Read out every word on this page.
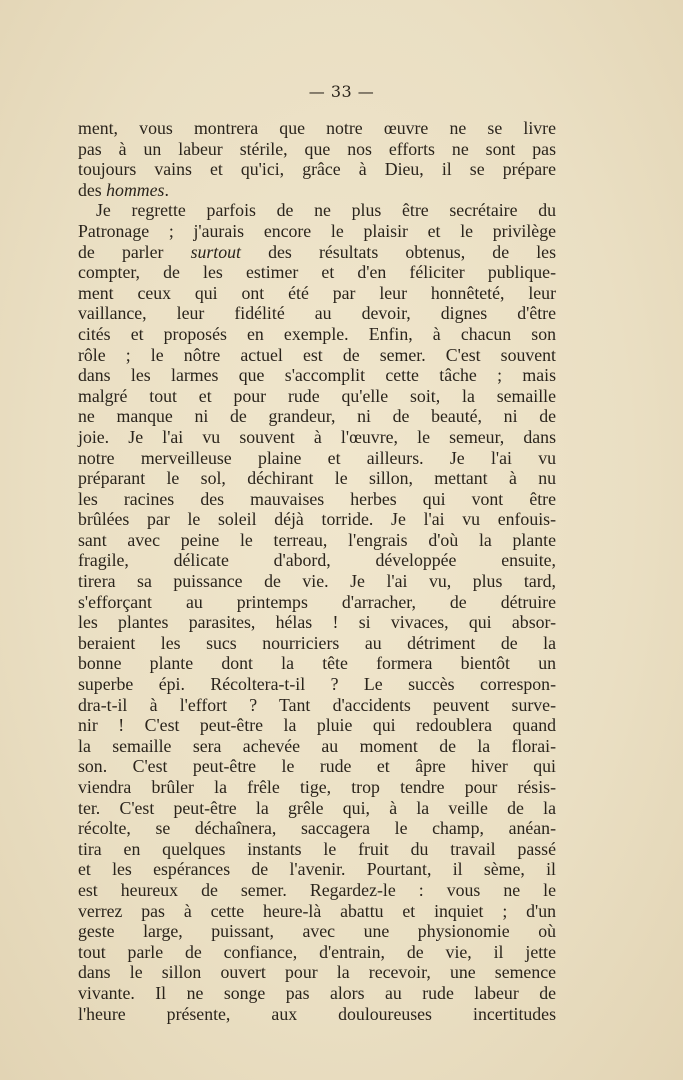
— 33 —
ment, vous montrera que notre œuvre ne se livre
pas à un labeur stérile, que nos efforts ne sont pas
toujours vains et qu'ici, grâce à Dieu, il se prépare
des hommes.
Je regrette parfois de ne plus être secrétaire du
Patronage ; j'aurais encore le plaisir et le privilège
de parler surtout des résultats obtenus, de les
compter, de les estimer et d'en féliciter publique-
ment ceux qui ont été par leur honnêteté, leur
vaillance, leur fidélité au devoir, dignes d'être
cités et proposés en exemple. Enfin, à chacun son
rôle ; le nôtre actuel est de semer. C'est souvent
dans les larmes que s'accomplit cette tâche ; mais
malgré tout et pour rude qu'elle soit, la semaille
ne manque ni de grandeur, ni de beauté, ni de
joie. Je l'ai vu souvent à l'œuvre, le semeur, dans
notre merveilleuse plaine et ailleurs. Je l'ai vu
préparant le sol, déchirant le sillon, mettant à nu
les racines des mauvaises herbes qui vont être
brûlées par le soleil déjà torride. Je l'ai vu enfouis-
sant avec peine le terreau, l'engrais d'où la plante
fragile, délicate d'abord, développée ensuite,
tirera sa puissance de vie. Je l'ai vu, plus tard,
s'efforçant au printemps d'arracher, de détruire
les plantes parasites, hélas ! si vivaces, qui absor-
beraient les sucs nourriciers au détriment de la
bonne plante dont la tête formera bientôt un
superbe épi. Récoltera-t-il ? Le succès correspon-
dra-t-il à l'effort ? Tant d'accidents peuvent surve-
nir ! C'est peut-être la pluie qui redoublera quand
la semaille sera achevée au moment de la florai-
son. C'est peut-être le rude et âpre hiver qui
viendra brûler la frêle tige, trop tendre pour résis-
ter. C'est peut-être la grêle qui, à la veille de la
récolte, se déchaînera, saccagera le champ, anéan-
tira en quelques instants le fruit du travail passé
et les espérances de l'avenir. Pourtant, il sème, il
est heureux de semer. Regardez-le : vous ne le
verrez pas à cette heure-là abattu et inquiet ; d'un
geste large, puissant, avec une physionomie où
tout parle de confiance, d'entrain, de vie, il jette
dans le sillon ouvert pour la recevoir, une semence
vivante. Il ne songe pas alors au rude labeur de
l'heure présente, aux douloureuses incertitudes
